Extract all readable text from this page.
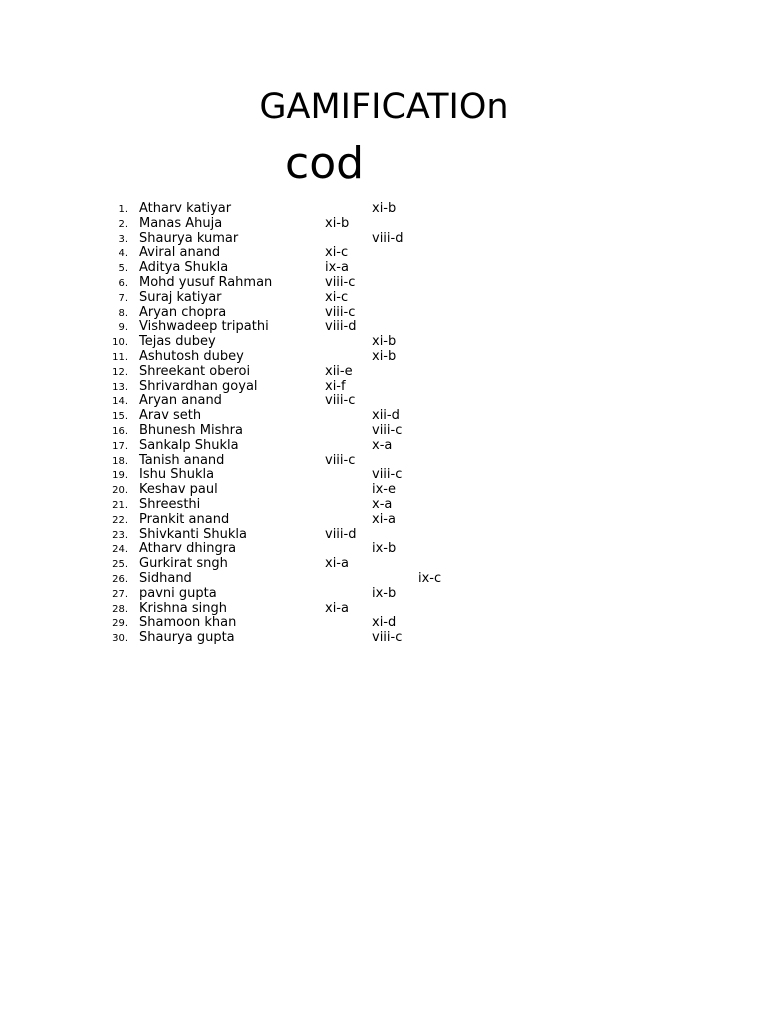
GAMIFICATIOn
cod
1. Atharv katiyar	xi-b
2. Manas Ahuja	xi-b
3. Shaurya kumar	viii-d
4. Aviral anand	xi-c
5. Aditya Shukla	ix-a
6. Mohd yusuf Rahman	viii-c
7. Suraj katiyar	xi-c
8. Aryan chopra	viii-c
9. Vishwadeep tripathi	viii-d
10. Tejas dubey	xi-b
11. Ashutosh dubey	xi-b
12. Shreekant oberoi	xii-e
13. Shrivardhan goyal	xi-f
14. Aryan anand	viii-c
15. Arav seth	xii-d
16. Bhunesh Mishra	viii-c
17. Sankalp Shukla	x-a
18. Tanish anand	viii-c
19. Ishu Shukla	viii-c
20. Keshav paul	ix-e
21. Shreesthi	x-a
22. Prankit anand	xi-a
23. Shivkanti Shukla	viii-d
24. Atharv dhingra	ix-b
25. Gurkirat sngh	xi-a
26. Sidhand	ix-c
27. pavni gupta	ix-b
28. Krishna singh	xi-a
29. Shamoon khan	xi-d
30. Shaurya gupta	viii-c
